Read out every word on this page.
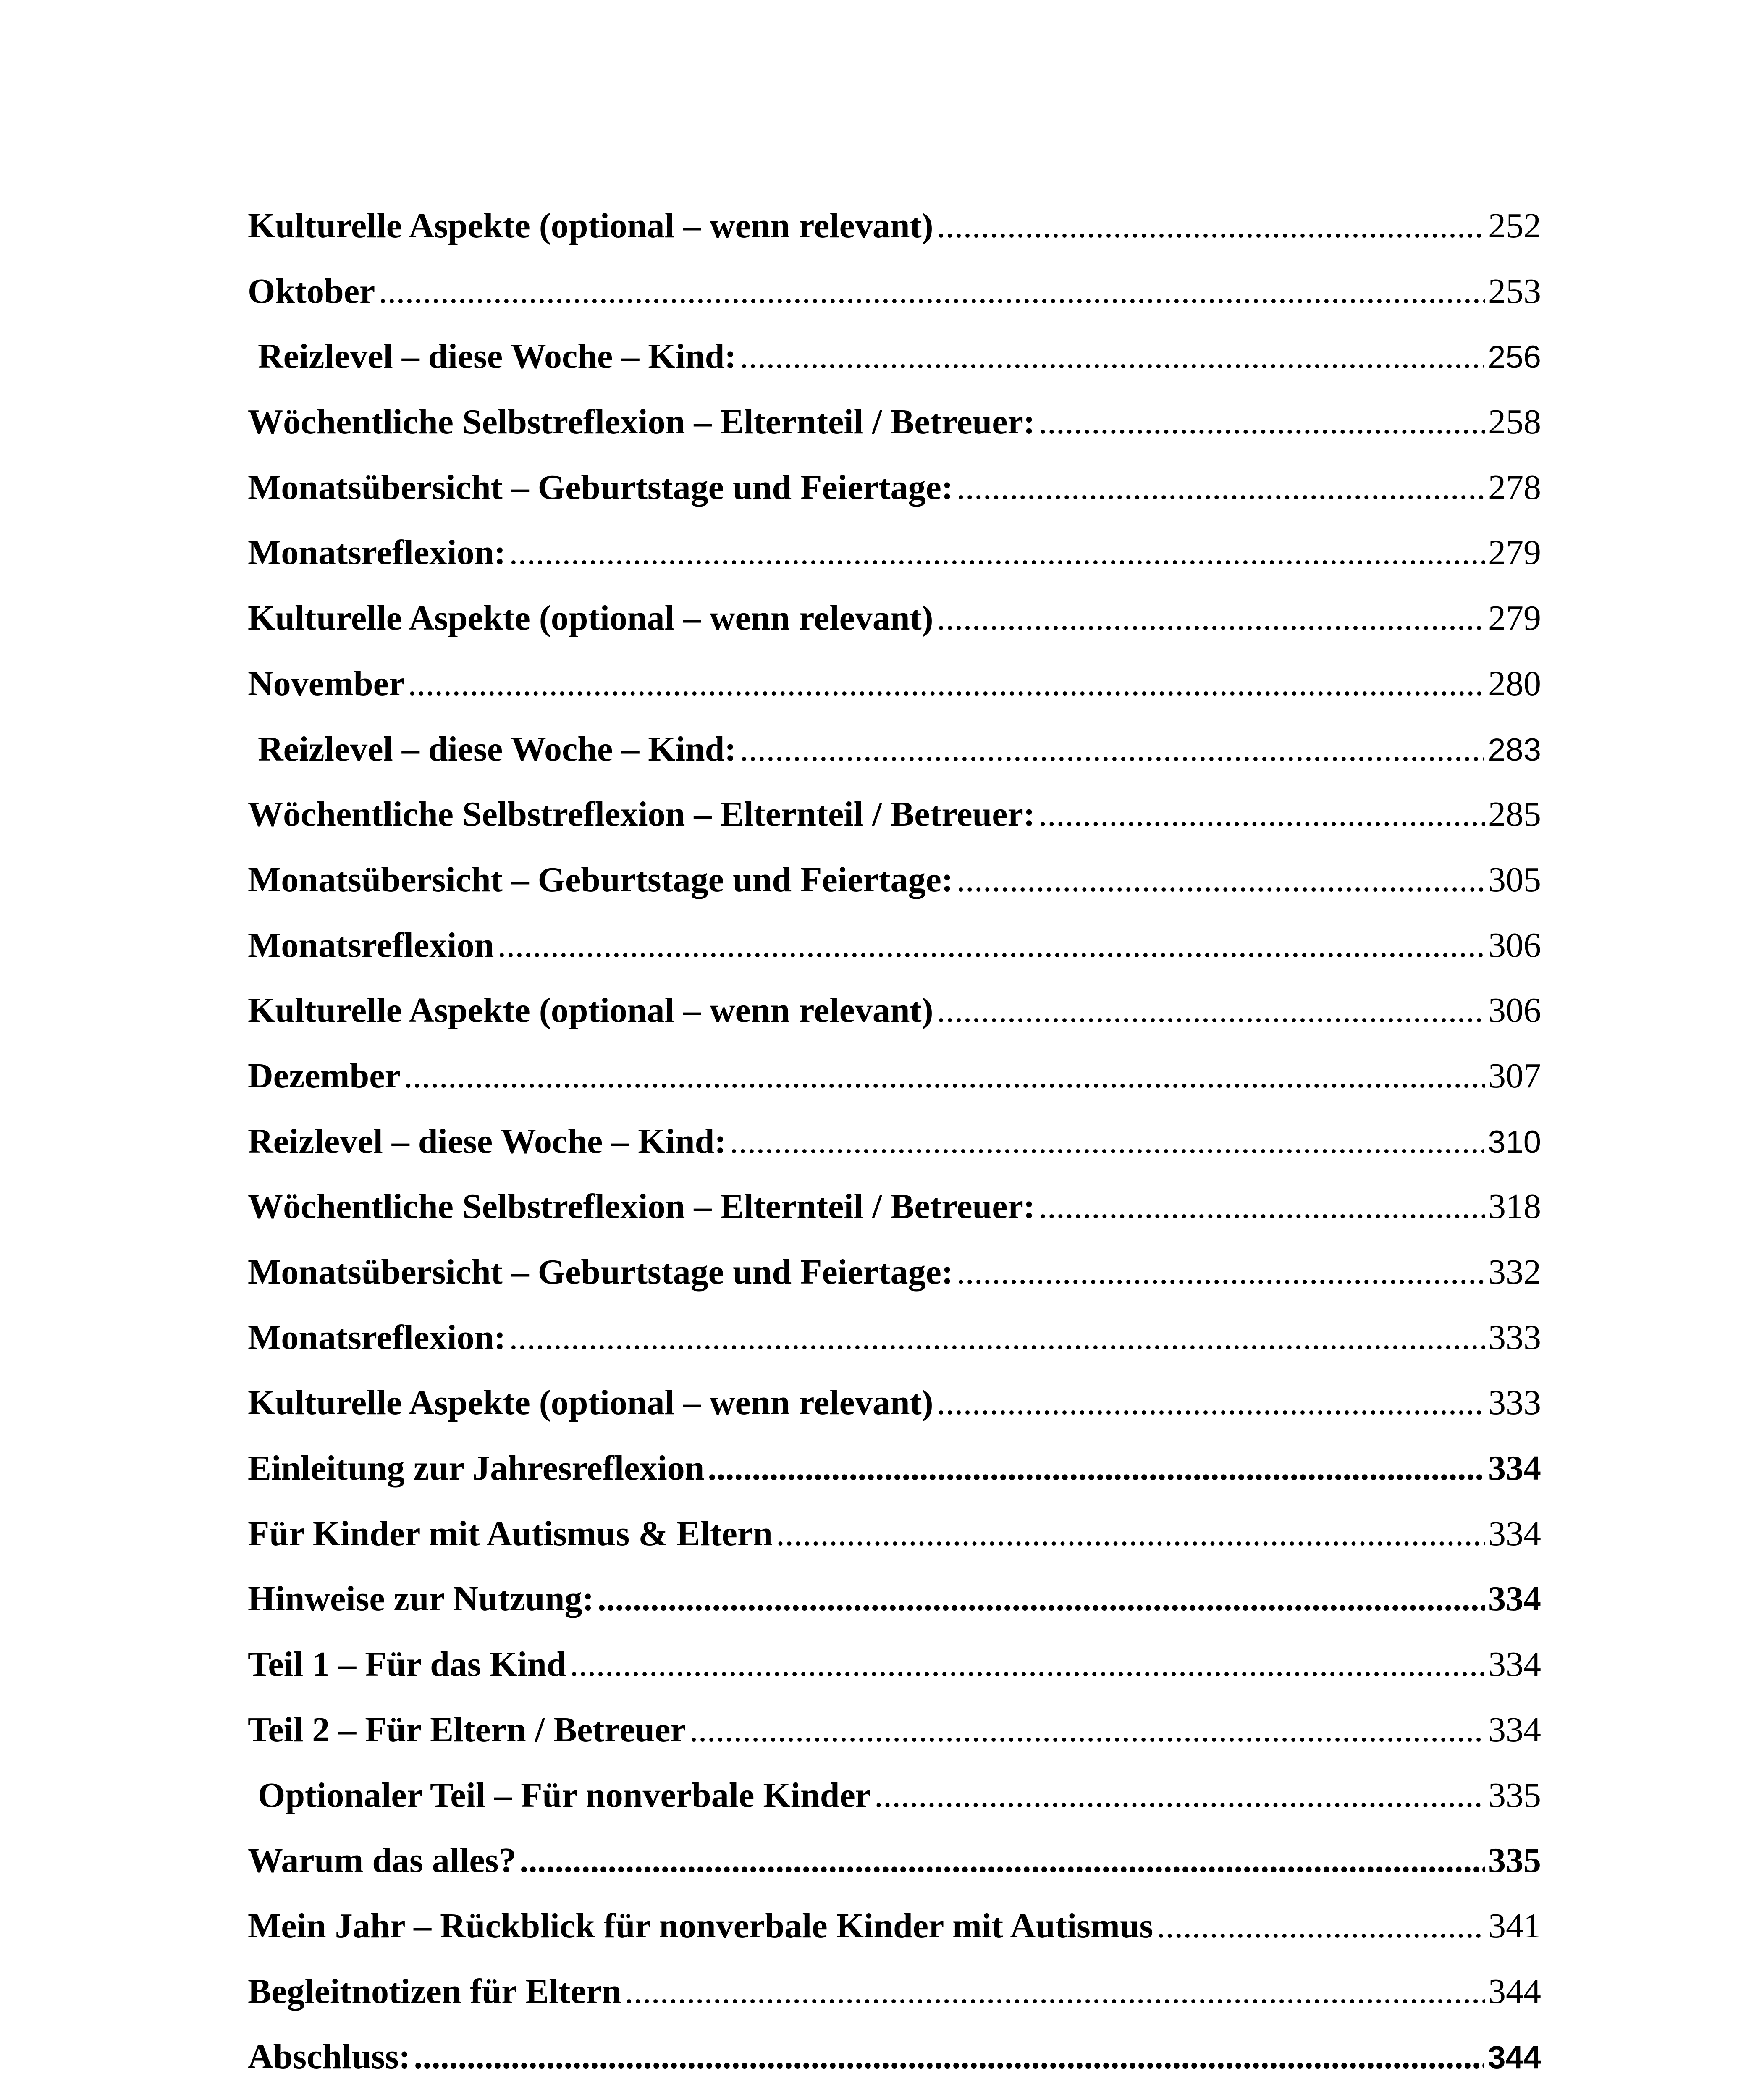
Kulturelle Aspekte (optional – wenn relevant) .....	252
Oktober .....	253
Reizlevel – diese Woche – Kind: .....	256
Wöchentliche Selbstreflexion – Elternteil / Betreuer: .....	258
Monatsübersicht – Geburtstage und Feiertage: .....	278
Monatsreflexion: .....	279
Kulturelle Aspekte (optional – wenn relevant) .....	279
November .....	280
Reizlevel – diese Woche – Kind: .....	283
Wöchentliche Selbstreflexion – Elternteil / Betreuer: .....	285
Monatsübersicht – Geburtstage und Feiertage: .....	305
Monatsreflexion .....	306
Kulturelle Aspekte (optional – wenn relevant) .....	306
Dezember .....	307
Reizlevel – diese Woche – Kind: .....	310
Wöchentliche Selbstreflexion – Elternteil / Betreuer: .....	318
Monatsübersicht – Geburtstage und Feiertage: .....	332
Monatsreflexion: .....	333
Kulturelle Aspekte (optional – wenn relevant) .....	333
Einleitung zur Jahresreflexion .....	334
Für Kinder mit Autismus & Eltern .....	334
Hinweise zur Nutzung: .....	334
Teil 1 – Für das Kind .....	334
Teil 2 – Für Eltern / Betreuer .....	334
Optionaler Teil – Für nonverbale Kinder .....	335
Warum das alles? .....	335
Mein Jahr – Rückblick für nonverbale Kinder mit Autismus .....	341
Begleitnotizen für Eltern .....	344
Abschluss: .....	344
.....
